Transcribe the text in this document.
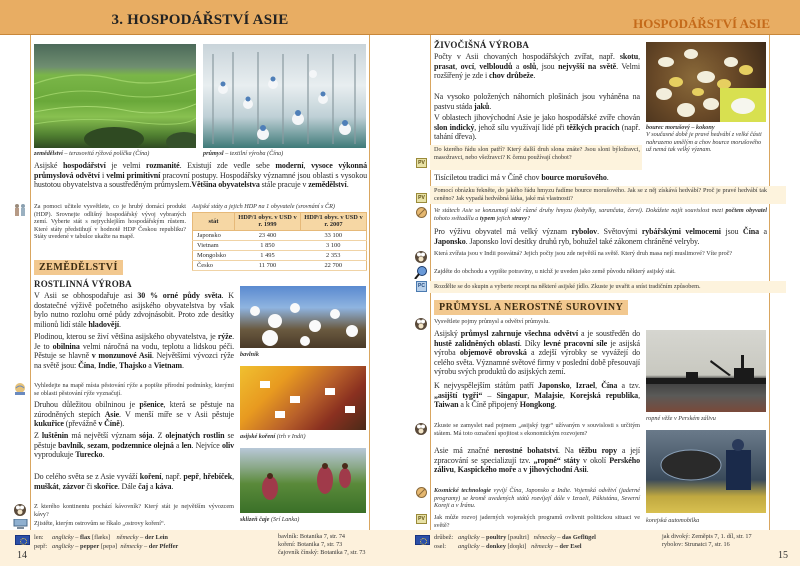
3. HOSPODÁŘSTVÍ ASIE
zemědělství – terasovitá rýžová políčka (Čína)	průmysl – textilní výroba (Čína)
Asijské hospodářství je velmi rozmanité. Existují zde vedle sebe moderní, vysoce výkonná průmyslová odvětví i velmi primitivní pracovní postupy. Hospodářsky významné jsou oblasti s vysokou hustotou obyvatelstva a soustředěným průmyslem.Většina obyvatelstva stále pracuje v zemědělství.
Za pomoci učitele vysvětlete, co je hrubý domácí produkt (HDP). Srovnejte odlišný hospodářský vývoj vybraných zemí. Vyberte stát s nejrychlejším hospodářským růstem. Které státy předstihují v hodnotě HDP Českou republiku? Státy uvedené v tabulce ukažte na mapě.
Asijské státy a jejich HDP na 1 obyvatele (srovnání s ČR)
stát	HDP/1 obyv. v USD v r. 1999	HDP/1 obyv. v USD v r. 2007
Japonsko	23 400	33 100
Vietnam	1 850	3 100
Mongolsko	1 495	2 353
Česko	11 700	22 700
ZEMĚDĚLSTVÍ
ROSTLINNÁ VÝROBA
V Asii se obhospodařuje asi 30 % orné půdy světa. K dostatečné výživě početného asijského obyvatelstva by však bylo nutno rozlohu orné půdy zdvojnásobit. Proto zde desítky milionů lidí stále hladovějí.
Plodinou, kterou se živí většina asijského obyvatelstva, je rýže. Je to obilnina velmi náročná na vodu, teplotu a lidskou péči. Pěstuje se hlavně v monzunové Asii. Největšími vývozci rýže na světě jsou: Čína, Indie, Thajsko a Vietnam.
Vyhledejte na mapě místa pěstování rýže a popište přírodní podmínky, kterými se oblasti pěstování rýže vyznačují.
Druhou důležitou obilninou je pšenice, která se pěstuje na zúrodněných stepích Asie. V menší míře se v Asii pěstuje kukuřice (převážně v Číně).
Z luštěnin má největší význam sója. Z olejnatých rostlin se pěstuje bavlník, sezam, podzemnice olejná a len. Nejvíce oliv vyprodukuje Turecko.
Do celého světa se z Asie vyváží koření, např. pepř, hřebíček, muškát, zázvor či skořice. Dále čaj a káva.
Z kterého kontinentu pochází kávovník? Který stát je největším vývozcem kávy?
Zjistěte, kterým ostrovům se říkalo „ostrovy koření“.
bavlník
asijské koření (trh v Indii)
sklizeň čaje (Srí Lanka)
14
len: anglicky – flax [flæks] německy – der Lein
pepř: anglicky – pepper [pepə] německy – der Pfeffer
bavlník: Botanika 7, str. 74
koření: Botanika 7, str. 73
čajovník čínský: Botanika 7, str. 73
HOSPODÁŘSTVÍ ASIE
ŽIVOČIŠNÁ VÝROBA
Počty v Asii chovaných hospodářských zvířat, např. skotu, prasat, ovcí, velbloudů a oslů, jsou nejvyšší na světě. Velmi rozšířený je zde i chov drůbeže.
Na vysoko položených náhorních plošinách jsou vyháněna na pastvu stáda jaků.
V oblastech jihovýchodní Asie je jako hospodářské zvíře chován slon indický, jehož sílu využívají lidé při těžkých pracích (např. tahání dřeva).
bourec morušový – kokony
V současné době je pravé hedvábí z velké části nahrazeno umělým a chov bource morušového už nemá tak velký význam.
PV
Do kterého řádu slon patří? Který další druh slona znáte? Jsou sloni býložravci, masožravci, nebo všežravci? K čemu používají chobot?
Tisíciletou tradici má v Číně chov bource morušového.
PV
Pomocí obrázku řekněte, do jakého řádu hmyzu řadíme bource morušového. Jak se z něj získává hedvábí? Proč je pravé hedvábí tak ceněno? Jak vypadá hedvábná látka, jaké má vlastnosti?
Ve státech Asie se konzumují také různé druhy hmyzu (kobylky, sarančata, červi). Dokážete najít souvislost mezi počtem obyvatel tohoto světadílu a typem jejich stravy?
Pro výživu obyvatel má velký význam rybolov. Světovými rybářskými velmocemi jsou Čína a Japonsko. Japonsko loví desítky druhů ryb, bohužel také zákonem chráněné velryby.
Která zvířata jsou v Indii posvátná? Jejich počty jsou zde největší na světě. Který druh masa nejí muslimové? Víte proč?
Zajděte do obchodu a vypište potraviny, u nichž je uveden jako země původu některý asijský stát.
PC	Rozdělte se do skupin a vyberte recept na některé asijské jídlo. Zkuste je uvařit a sníst tradičním způsobem.
PRŮMYSL A NEROSTNÉ SUROVINY
Vysvětlete pojmy průmysl a odvětví průmyslu.
Asijský průmysl zahrnuje všechna odvětví a je soustředěn do hustě zalidněných oblastí. Díky levné pracovní síle je asijská výroba objemově obrovská a zdejší výrobky se vyvážejí do celého světa. Významné světové firmy v poslední době přesouvají výrobu svých produktů do asijských zemí.
K nejvyspělejším státům patří Japonsko, Izrael, Čína a tzv. „asijští tygři“ – Singapur, Malajsie, Korejská republika, Taiwan a k Číně připojený Hongkong.
Zkuste se zamyslet nad pojmem „asijský tygr“ užívaným v souvislosti s určitým státem. Má toto označení spojitost s ekonomickým rozvojem?
Asie má značné nerostné bohatství. Na těžbu ropy a její zpracování se specializují tzv. „ropné“ státy v okolí Perského zálivu, Kaspického moře a v jihovýchodní Asii.
Kosmické technologie vyvíjí Čína, Japonsko a Indie. Vojenská odvětví (jaderné programy) se kromě uvedených států rozvíjejí dále v Izraeli, Pákistánu, Severní Koreji a v Íránu.
PV	Jak může rozvoj jaderných vojenských programů ovlivnit politickou situaci ve světě?
ropné věže v Perském zálivu
korejská automobilka
drůbež: anglicky – poultry [pəultri] německy – das Geflügel
osel: anglicky – donkey [doŋki] německy – der Esel
jak divoký: Zeměpis 7, 1. díl, str. 17
rybolov: Strunatci 7, str. 16
15
